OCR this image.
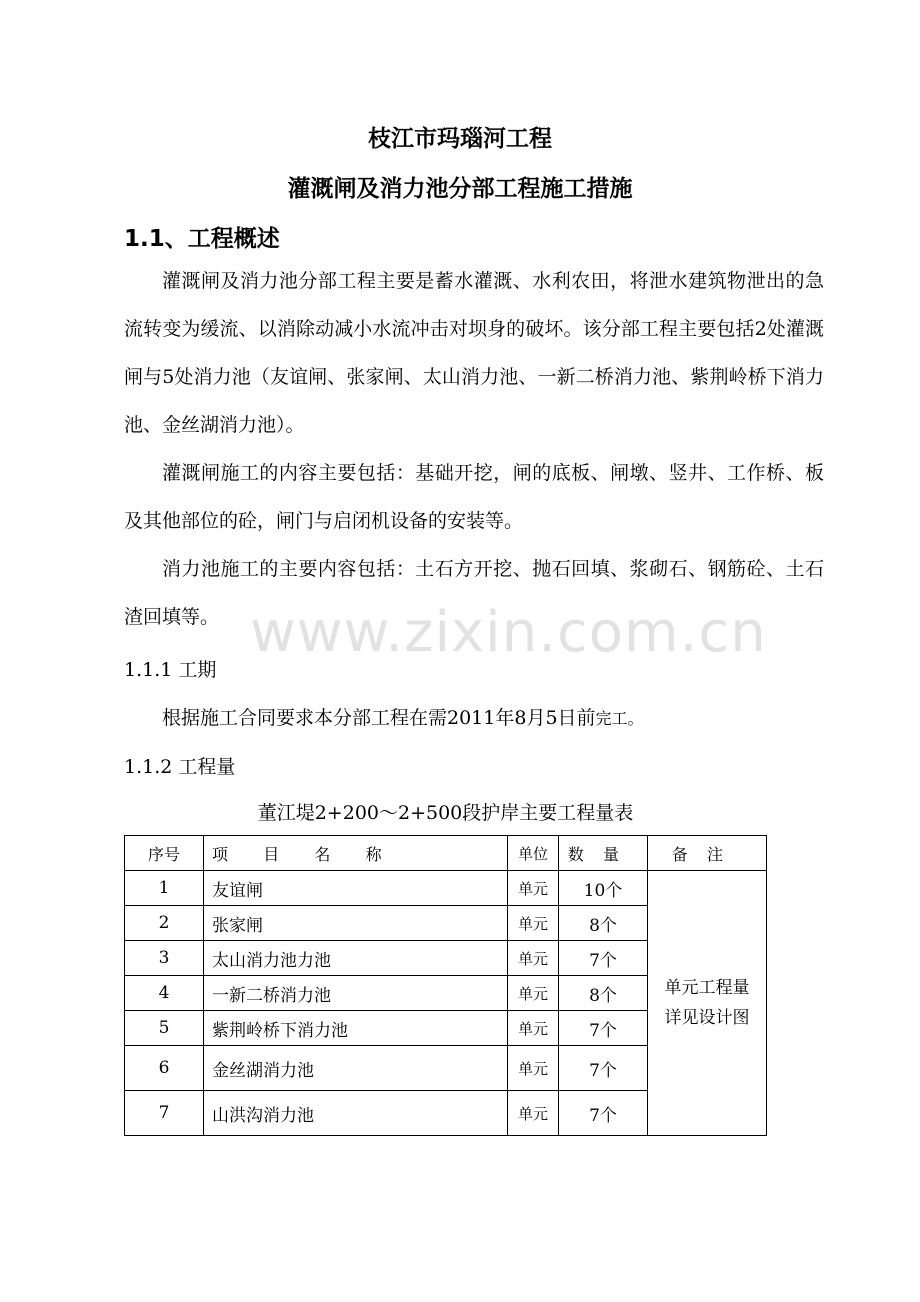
枝江市玛瑙河工程
灌溉闸及消力池分部工程施工措施
1.1、工程概述

灌溉闸及消力池分部工程主要是蓄水灌溉、水利农田，将泄水建筑物泄出的急流转变为缓流、以消除动减小水流冲击对坝身的破坏。该分部工程主要包括2处灌溉闸与5处消力池（友谊闸、张家闸、太山消力池、一新二桥消力池、紫荆岭桥下消力池、金丝湖消力池）。

灌溉闸施工的内容主要包括：基础开挖，闸的底板、闸墩、竖井、工作桥、板及其他部位的砼，闸门与启闭机设备的安装等。

消力池施工的主要内容包括：土石方开挖、抛石回填、浆砌石、钢筋砼、土石渣回填等。

1.1.1 工期
根据施工合同要求本分部工程在需2011年8月5日前完工。
1.1.2 工程量
董江堤2+200～2+500段护岸主要工程量表
序号	项目名称	单位	数量	备注
1	友谊闸	单元	10个	单元工程量
详见设计图
2	张家闸	单元	8个	
3	太山消力池力池	单元	7个	
4	一新二桥消力池	单元	8个	
5	紫荆岭桥下消力池	单元	7个	
6	金丝湖消力池	单元	7个	
7	山洪沟消力池	单元	7个	
www.zixin.com.cn
